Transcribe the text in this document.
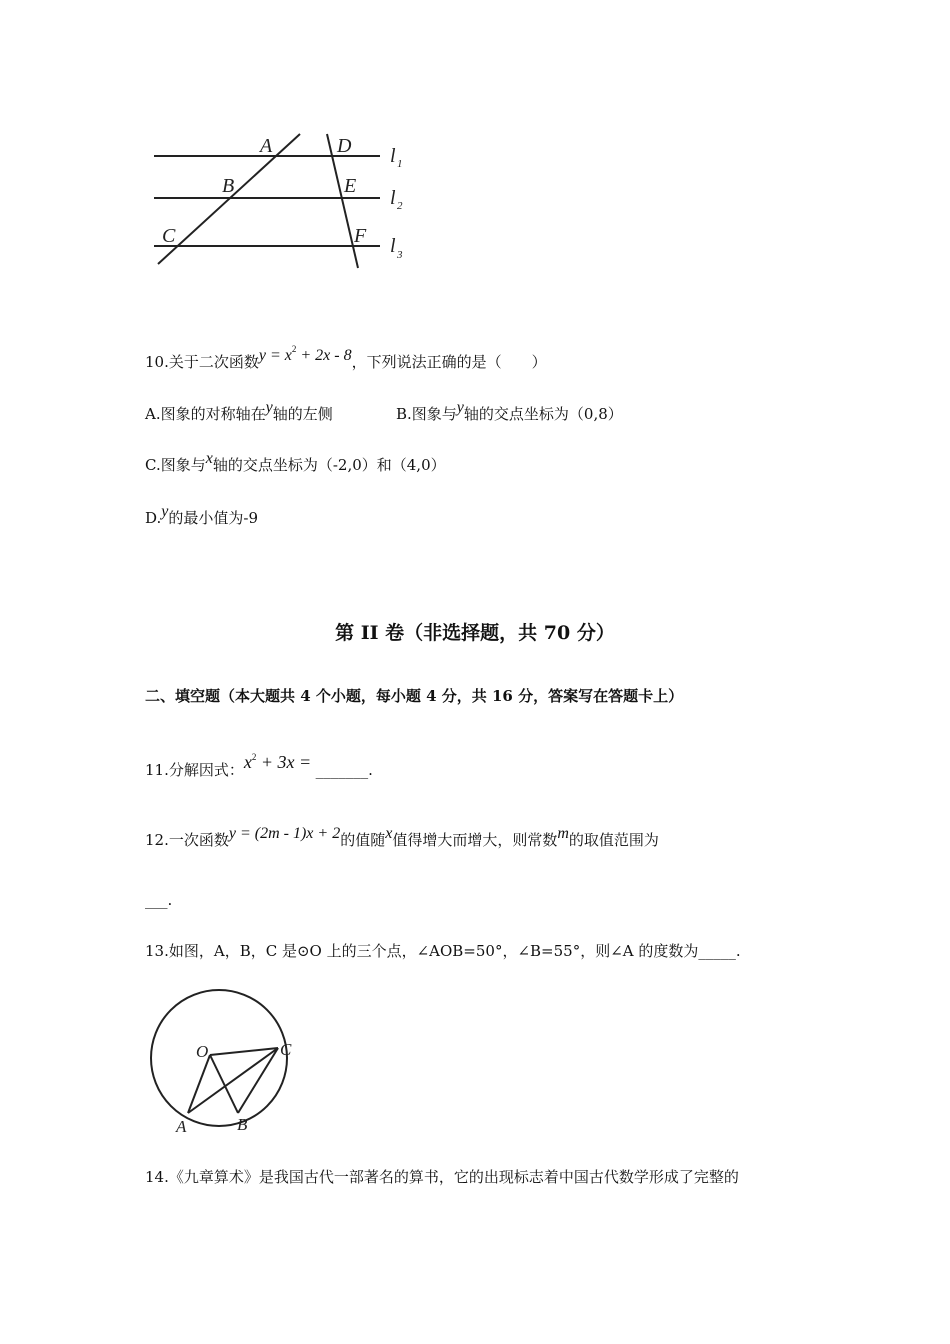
A
B
C
D
E
F
l 1
l 2
l 3
10.关于二次函数$y = x^2 + 2x - 8$，下列说法正确的是（　　）
A.图象的对称轴在y轴的左侧	B.图象与y轴的交点坐标为（0,8）
C.图象与x轴的交点坐标为（-2,0）和（4,0）
D.y的最小值为-9
第 II 卷（非选择题，共 70 分）
二、填空题（本大题共 4 个小题，每小题 4 分，共 16 分，答案写在答题卡上）
11.分解因式：$x^2 + 3x$ = _______.
12.一次函数y = (2m - 1)x + 2的值随x值得增大而增大，则常数m的取值范围为
___.
13.如图，A，B，C 是⊙O 上的三个点，∠AOB=50°，∠B=55°，则∠A 的度数为_____.
O	C
A	B
14.《九章算术》是我国古代一部著名的算书，它的出现标志着中国古代数学形成了完整的
